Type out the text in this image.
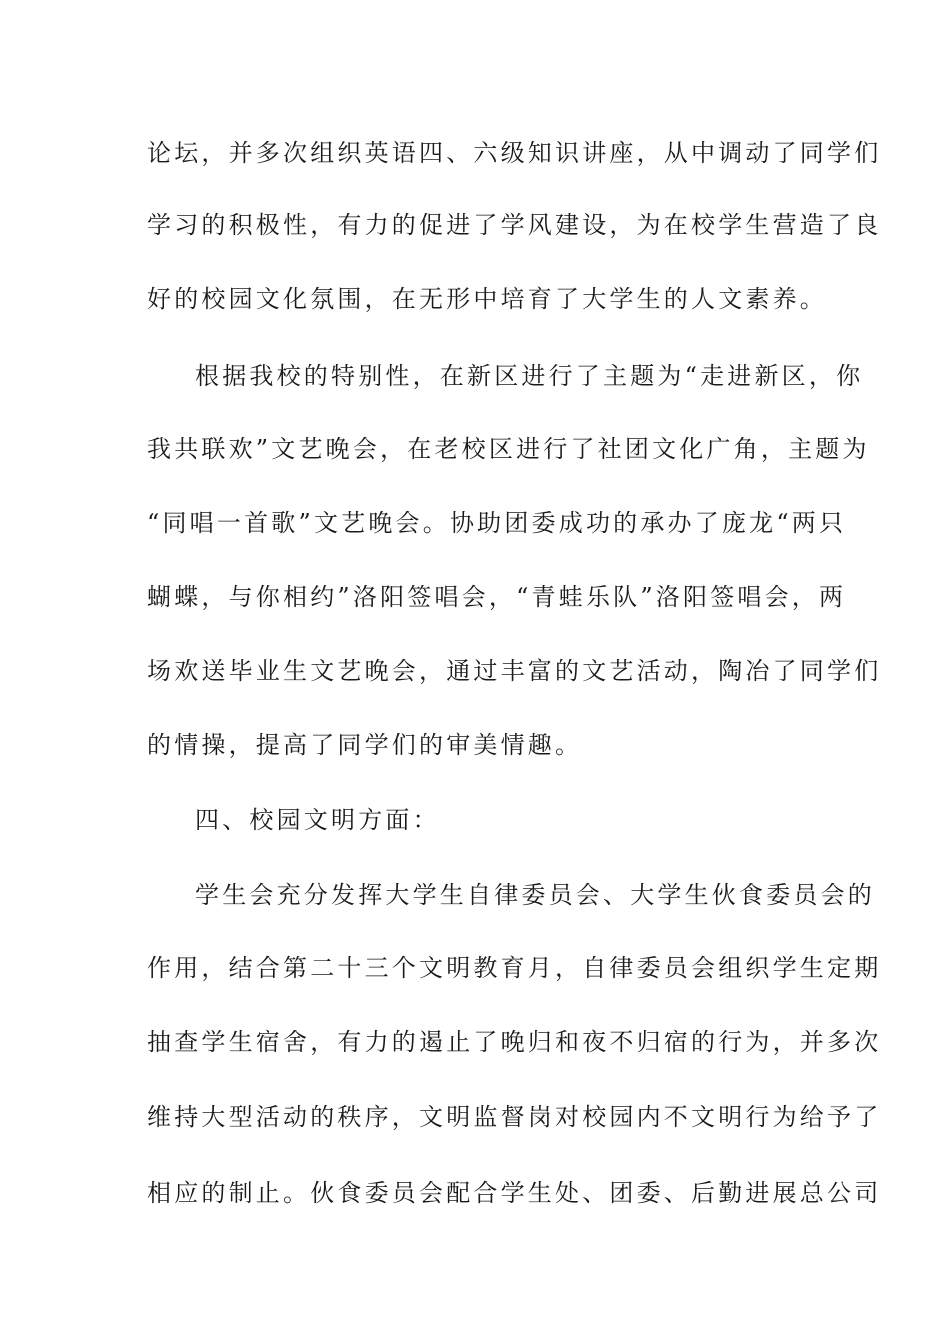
论坛，并多次组织英语四、六级知识讲座，从中调动了同学们
学习的积极性，有力的促进了学风建设，为在校学生营造了良
好的校园文化氛围，在无形中培育了大学生的人文素养。
根据我校的特别性，在新区进行了主题为“走进新区，你
我共联欢”文艺晚会，在老校区进行了社团文化广角，主题为
“同唱一首歌”文艺晚会。协助团委成功的承办了庞龙“两只
蝴蝶，与你相约”洛阳签唱会，“青蛙乐队”洛阳签唱会，两
场欢送毕业生文艺晚会，通过丰富的文艺活动，陶冶了同学们
的情操，提高了同学们的审美情趣。
四、校园文明方面：
学生会充分发挥大学生自律委员会、大学生伙食委员会的
作用，结合第二十三个文明教育月，自律委员会组织学生定期
抽查学生宿舍，有力的遏止了晚归和夜不归宿的行为，并多次
维持大型活动的秩序，文明监督岗对校园内不文明行为给予了
相应的制止。伙食委员会配合学生处、团委、后勤进展总公司
